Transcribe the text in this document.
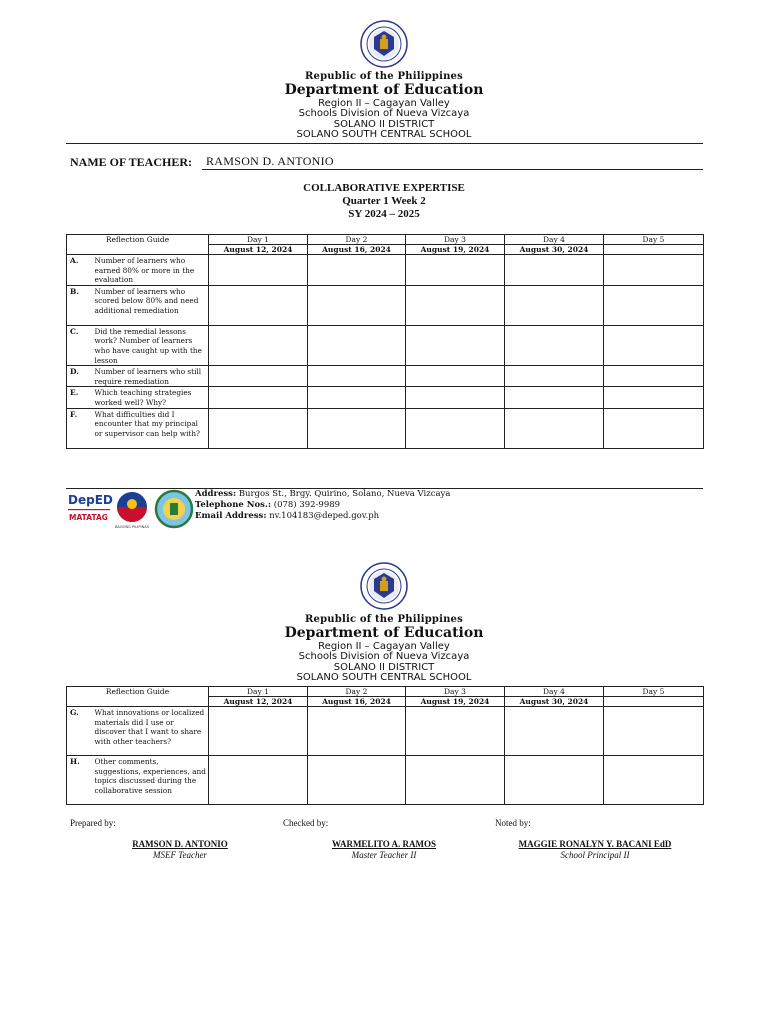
Republic of the Philippines
Department of Education
Region II – Cagayan Valley
Schools Division of Nueva Vizcaya
SOLANO II DISTRICT
SOLANO SOUTH CENTRAL SCHOOL
NAME OF TEACHER: RAMSON D. ANTONIO
COLLABORATIVE EXPERTISE
Quarter 1 Week 2
SY 2024 – 2025
Reflection Guide		Day 1	Day 2	Day 3	Day 4	Day 5
		August 12, 2024	August 16, 2024	August 19, 2024	August 30, 2024	
A.	Number of learners who earned 80% or more in the evaluation					
B.	Number of learners who scored below 80% and need additional remediation					
C.	Did the remedial lessons work? Number of learners who have caught up with the lesson					
D.	Number of learners who still require remediation					
E.	Which teaching strategies worked well? Why?					
F.	What difficulties did I encounter that my principal or supervisor can help with?					
DepED
MATATAG
BAGONG PILIPINAS
Address: Burgos St., Brgy. Quirino, Solano, Nueva Vizcaya
Telephone Nos.: (078) 392-9989
Email Address: nv.104183@deped.gov.ph
Republic of the Philippines
Department of Education
Region II – Cagayan Valley
Schools Division of Nueva Vizcaya
SOLANO II DISTRICT
SOLANO SOUTH CENTRAL SCHOOL
Reflection Guide		Day 1	Day 2	Day 3	Day 4	Day 5
		August 12, 2024	August 16, 2024	August 19, 2024	August 30, 2024	
G.	What innovations or localized materials did I use or discover that I want to share with other teachers?					
H.	Other comments, suggestions, experiences, and topics discussed during the collaborative session					
Prepared by:	Checked by:	Noted by:
RAMSON D. ANTONIO
MSEF Teacher
WARMELITO A. RAMOS
Master Teacher II
MAGGIE RONALYN Y. BACANI EdD
School Principal II
